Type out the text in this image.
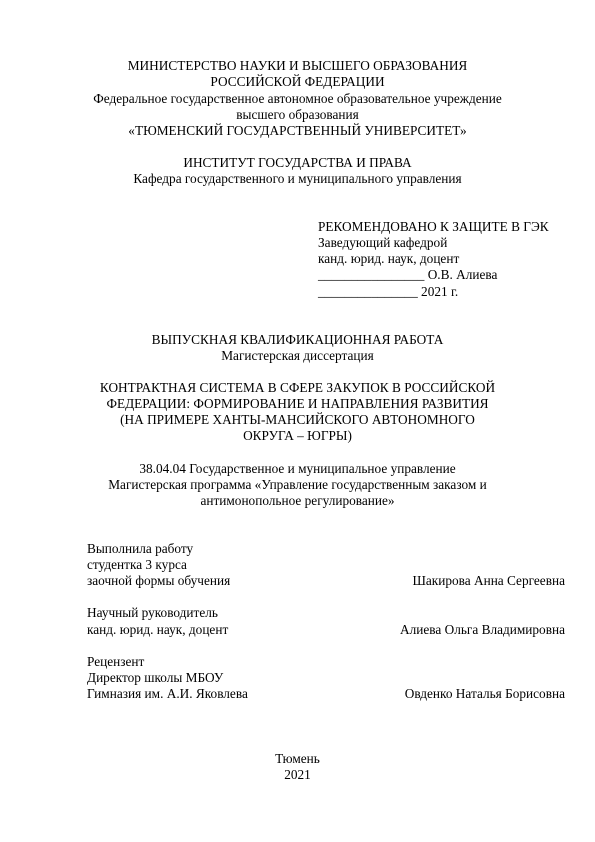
МИНИСТЕРСТВО НАУКИ И ВЫСШЕГО ОБРАЗОВАНИЯ
РОССИЙСКОЙ ФЕДЕРАЦИИ
Федеральное государственное автономное образовательное учреждение
высшего образования
«ТЮМЕНСКИЙ ГОСУДАРСТВЕННЫЙ УНИВЕРСИТЕТ»
ИНСТИТУТ ГОСУДАРСТВА И ПРАВА
Кафедра государственного и муниципального управления
РЕКОМЕНДОВАНО К ЗАЩИТЕ В ГЭК
Заведующий кафедрой
канд. юрид. наук, доцент
________________ О.В. Алиева
_______________ 2021 г.
ВЫПУСКНАЯ КВАЛИФИКАЦИОННАЯ РАБОТА
Магистерская диссертация
КОНТРАКТНАЯ СИСТЕМА В СФЕРЕ ЗАКУПОК В РОССИЙСКОЙ
ФЕДЕРАЦИИ: ФОРМИРОВАНИЕ И НАПРАВЛЕНИЯ РАЗВИТИЯ
(НА ПРИМЕРЕ ХАНТЫ-МАНСИЙСКОГО АВТОНОМНОГО
ОКРУГА – ЮГРЫ)
38.04.04 Государственное и муниципальное управление
Магистерская программа «Управление государственным заказом и
антимонопольное регулирование»
Выполнила работу
студентка 3 курса
заочной формы обучения	Шакирова Анна Сергеевна
Научный руководитель
канд. юрид. наук, доцент	Алиева Ольга Владимировна
Рецензент
Директор школы МБОУ
Гимназия им. А.И. Яковлева	Овденко Наталья Борисовна
Тюмень
2021
